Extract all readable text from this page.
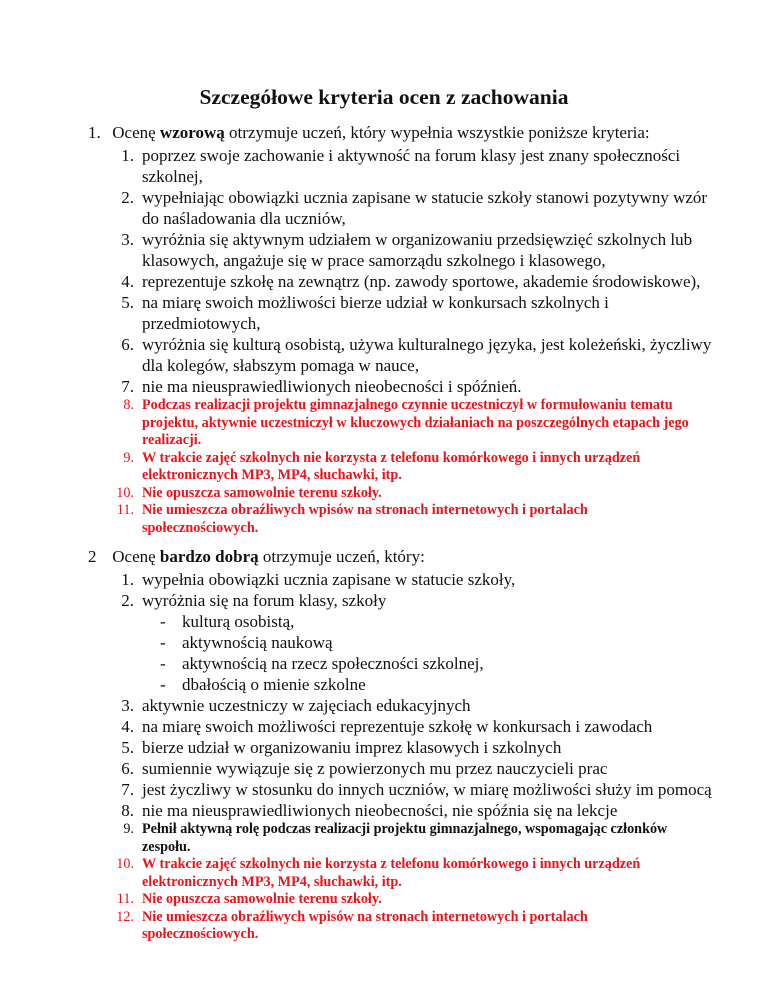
Szczegółowe kryteria ocen z zachowania
1. Ocenę wzorową otrzymuje uczeń, który wypełnia wszystkie poniższe kryteria:
1. poprzez swoje zachowanie i aktywność na forum klasy jest znany społeczności szkolnej,
2. wypełniając obowiązki ucznia zapisane w statucie szkoły stanowi pozytywny wzór do naśladowania dla uczniów,
3. wyróżnia się aktywnym udziałem w organizowaniu przedsięwzięć szkolnych lub klasowych, angażuje się w prace samorządu szkolnego i klasowego,
4. reprezentuje szkołę na zewnątrz (np. zawody sportowe, akademie środowiskowe),
5. na miarę swoich możliwości bierze udział w konkursach szkolnych i przedmiotowych,
6. wyróżnia się kulturą osobistą, używa kulturalnego języka, jest koleżeński, życzliwy dla kolegów, słabszym pomaga w nauce,
7. nie ma nieusprawiedliwionych nieobecności i spóźnień.
8. Podczas realizacji projektu gimnazjalnego czynnie uczestniczył w formułowaniu tematu projektu, aktywnie uczestniczył w kluczowych działaniach na poszczególnych etapach jego realizacji.
9. W trakcie zajęć szkolnych nie korzysta z telefonu komórkowego i innych urządzeń elektronicznych MP3, MP4, słuchawki, itp.
10. Nie opuszcza samowolnie terenu szkoły.
11. Nie umieszcza obraźliwych wpisów na stronach internetowych i portalach społecznościowych.
2 Ocenę bardzo dobrą otrzymuje uczeń, który:
1. wypełnia obowiązki ucznia zapisane w statucie szkoły,
2. wyróżnia się na forum klasy, szkoły
- kulturą osobistą,
- aktywnością naukową
- aktywnością na rzecz społeczności szkolnej,
- dbałością o mienie szkolne
3. aktywnie uczestniczy w zajęciach edukacyjnych
4. na miarę swoich możliwości reprezentuje szkołę w konkursach i zawodach
5. bierze udział w organizowaniu imprez klasowych i szkolnych
6. sumiennie wywiązuje się z powierzonych mu przez nauczycieli prac
7. jest życzliwy w stosunku do innych uczniów, w miarę możliwości służy im pomocą
8. nie ma nieusprawiedliwionych nieobecności, nie spóźnia się na lekcje
9. Pełnił aktywną rolę podczas realizacji projektu gimnazjalnego, wspomagając członków zespołu.
10. W trakcie zajęć szkolnych nie korzysta z telefonu komórkowego i innych urządzeń elektronicznych MP3, MP4, słuchawki, itp.
11. Nie opuszcza samowolnie terenu szkoły.
12. Nie umieszcza obraźliwych wpisów na stronach internetowych i portalach społecznościowych.
